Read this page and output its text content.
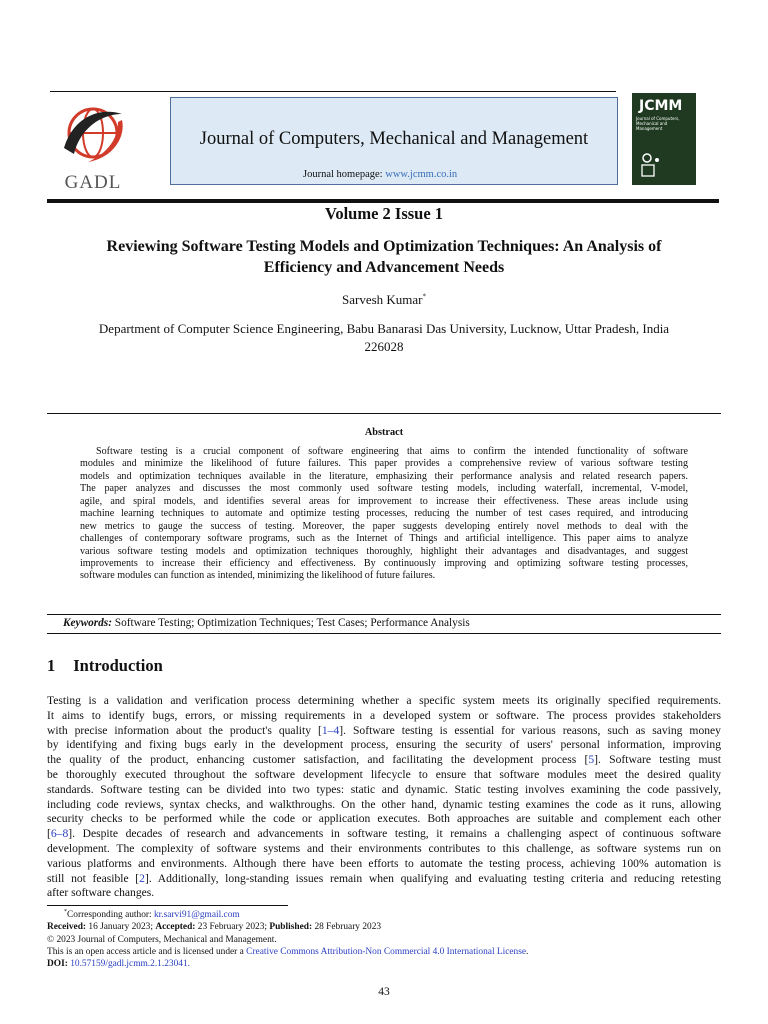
GADL
Journal of Computers, Mechanical and Management
Journal homepage: www.jcmm.co.in
JCMM
Journal of Computers, Mechanical and Management
Volume 2 Issue 1
Reviewing Software Testing Models and Optimization Techniques: An Analysis of
Efficiency and Advancement Needs
Sarvesh Kumar*
Department of Computer Science Engineering, Babu Banarasi Das University, Lucknow, Uttar Pradesh, India
226028
Abstract
Software testing is a crucial component of software engineering that aims to confirm the intended functionality of software
modules and minimize the likelihood of future failures. This paper provides a comprehensive review of various software testing
models and optimization techniques available in the literature, emphasizing their performance analysis and related research papers.
The paper analyzes and discusses the most commonly used software testing models, including waterfall, incremental, V-model,
agile, and spiral models, and identifies several areas for improvement to increase their effectiveness. These areas include using
machine learning techniques to automate and optimize testing processes, reducing the number of test cases required, and introducing
new metrics to gauge the success of testing. Moreover, the paper suggests developing entirely novel methods to deal with the
challenges of contemporary software programs, such as the Internet of Things and artificial intelligence. This paper aims to analyze
various software testing models and optimization techniques thoroughly, highlight their advantages and disadvantages, and suggest
improvements to increase their efficiency and effectiveness. By continuously improving and optimizing software testing processes,
software modules can function as intended, minimizing the likelihood of future failures.
Keywords: Software Testing; Optimization Techniques; Test Cases; Performance Analysis
1 Introduction
Testing is a validation and verification process determining whether a specific system meets its originally specified requirements.
It aims to identify bugs, errors, or missing requirements in a developed system or software. The process provides stakeholders
with precise information about the product's quality [1–4]. Software testing is essential for various reasons, such as saving money
by identifying and fixing bugs early in the development process, ensuring the security of users' personal information, improving
the quality of the product, enhancing customer satisfaction, and facilitating the development process [5]. Software testing must
be thoroughly executed throughout the software development lifecycle to ensure that software modules meet the desired quality
standards. Software testing can be divided into two types: static and dynamic. Static testing involves examining the code passively,
including code reviews, syntax checks, and walkthroughs. On the other hand, dynamic testing examines the code as it runs, allowing
security checks to be performed while the code or application executes. Both approaches are suitable and complement each other
[6–8]. Despite decades of research and advancements in software testing, it remains a challenging aspect of continuous software
development. The complexity of software systems and their environments contributes to this challenge, as software systems run on
various platforms and environments. Although there have been efforts to automate the testing process, achieving 100% automation is
still not feasible [2]. Additionally, long-standing issues remain when qualifying and evaluating testing criteria and reducing retesting
after software changes.
*Corresponding author: kr.sarvi91@gmail.com
Received: 16 January 2023; Accepted: 23 February 2023; Published: 28 February 2023
© 2023 Journal of Computers, Mechanical and Management.
This is an open access article and is licensed under a Creative Commons Attribution-Non Commercial 4.0 International License.
DOI: 10.57159/gadl.jcmm.2.1.23041.
43
